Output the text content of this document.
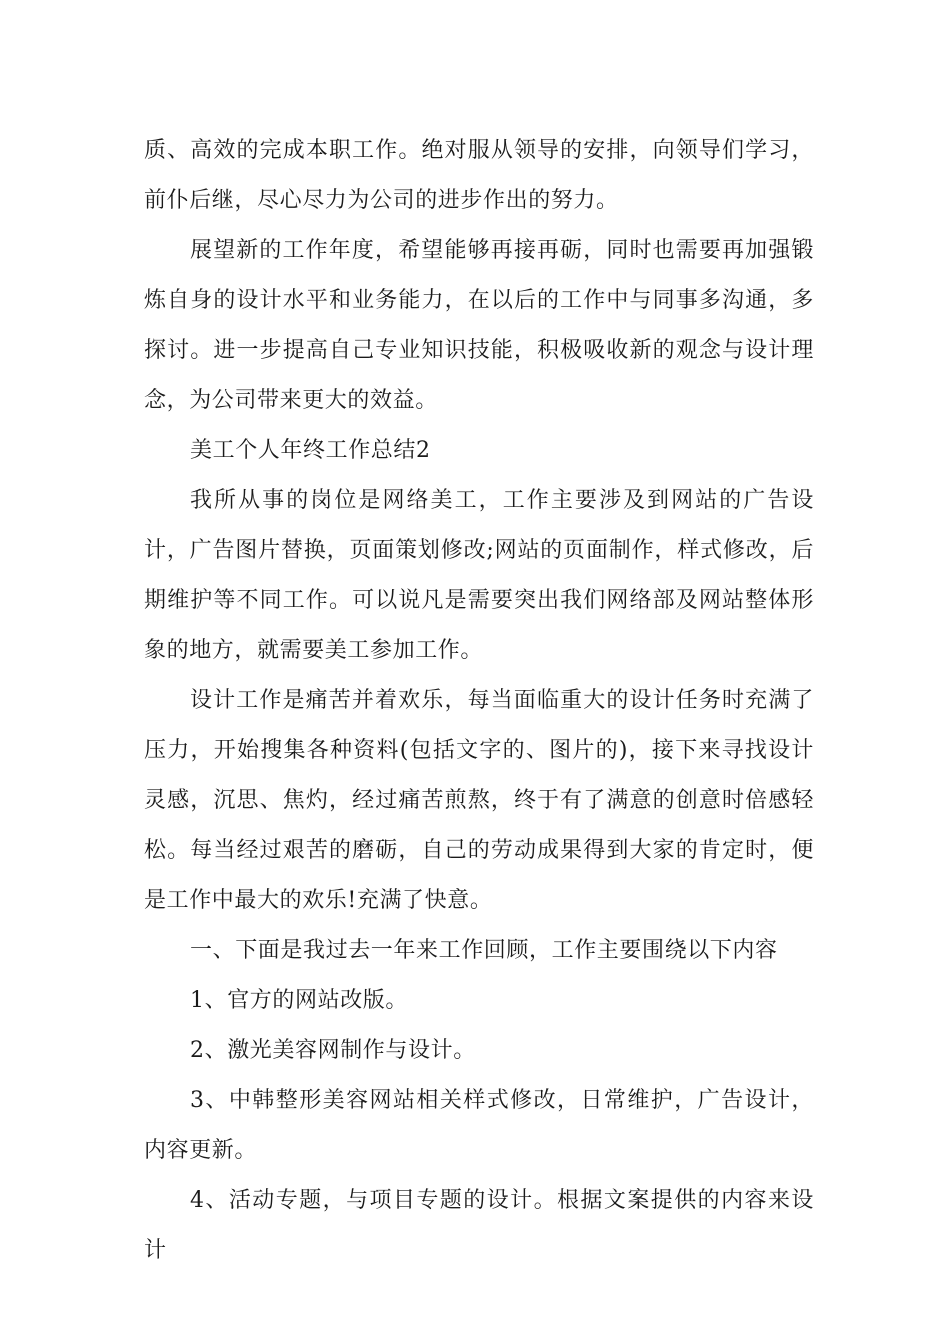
质、高效的完成本职工作。绝对服从领导的安排，向领导们学习，前仆后继，尽心尽力为公司的进步作出的努力。

展望新的工作年度，希望能够再接再砺，同时也需要再加强锻炼自身的设计水平和业务能力，在以后的工作中与同事多沟通，多探讨。进一步提高自己专业知识技能，积极吸收新的观念与设计理念，为公司带来更大的效益。

美工个人年终工作总结2

我所从事的岗位是网络美工，工作主要涉及到网站的广告设计，广告图片替换，页面策划修改;网站的页面制作，样式修改，后期维护等不同工作。可以说凡是需要突出我们网络部及网站整体形象的地方，就需要美工参加工作。

设计工作是痛苦并着欢乐，每当面临重大的设计任务时充满了压力，开始搜集各种资料(包括文字的、图片的)，接下来寻找设计灵感，沉思、焦灼，经过痛苦煎熬，终于有了满意的创意时倍感轻松。每当经过艰苦的磨砺，自己的劳动成果得到大家的肯定时，便是工作中最大的欢乐!充满了快意。

一、下面是我过去一年来工作回顾，工作主要围绕以下内容

1、官方的网站改版。

2、激光美容网制作与设计。

3、中韩整形美容网站相关样式修改，日常维护，广告设计，内容更新。

4、活动专题，与项目专题的设计。根据文案提供的内容来设计
